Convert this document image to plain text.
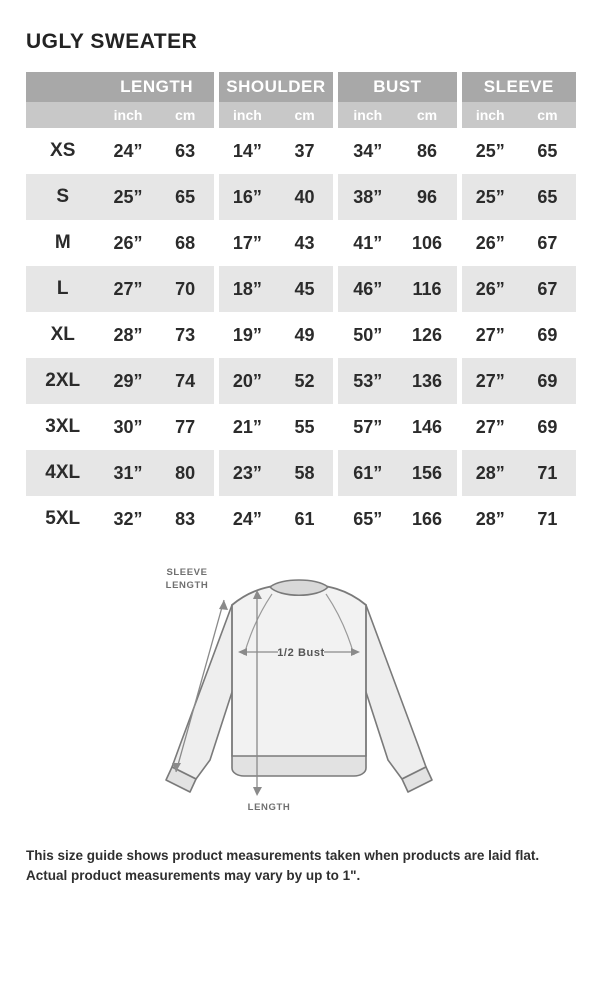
UGLY SWEATER
	LENGTH			SHOULDER			BUST			SLEEVE	
	inch	cm		inch	cm		inch	cm		inch	cm
XS	24”	63		14”	37		34”	86		25”	65
S	25”	65		16”	40		38”	96		25”	65
M	26”	68		17”	43		41”	106		26”	67
L	27”	70		18”	45		46”	116		26”	67
XL	28”	73		19”	49		50”	126		27”	69
2XL	29”	74		20”	52		53”	136		27”	69
3XL	30”	77		21”	55		57”	146		27”	69
4XL	31”	80		23”	58		61”	156		28”	71
5XL	32”	83		24”	61		65”	166		28”	71
SLEEVE
LENGTH
1/2 Bust
LENGTH
This size guide shows product measurements taken when products are laid flat.
Actual product measurements may vary by up to 1".
